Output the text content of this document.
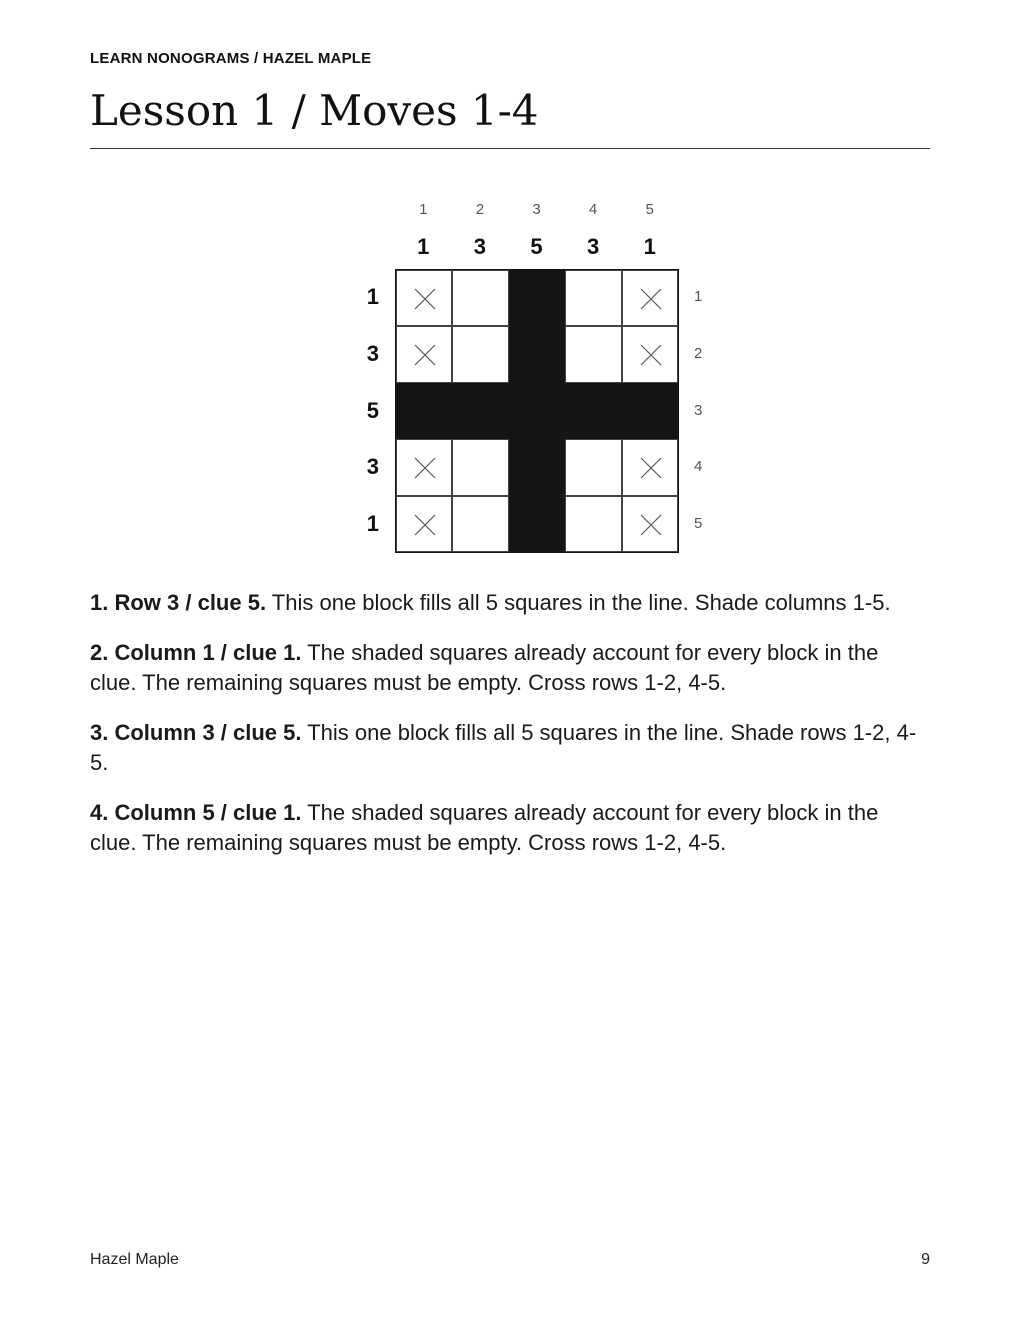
LEARN NONOGRAMS / HAZEL MAPLE
Lesson 1 / Moves 1-4
1	2	3	4	5
1	3	5	3	1
1
3
5
3
1
1
2
3
4
5

1. Row 3 / clue 5. This one block fills all 5 squares in the line. Shade columns 1-5.

2. Column 1 / clue 1. The shaded squares already account for every block in the clue. The remaining squares must be empty. Cross rows 1-2, 4-5.

3. Column 3 / clue 5. This one block fills all 5 squares in the line. Shade rows 1-2, 4-5.

4. Column 5 / clue 1. The shaded squares already account for every block in the clue. The remaining squares must be empty. Cross rows 1-2, 4-5.

Hazel Maple	9
